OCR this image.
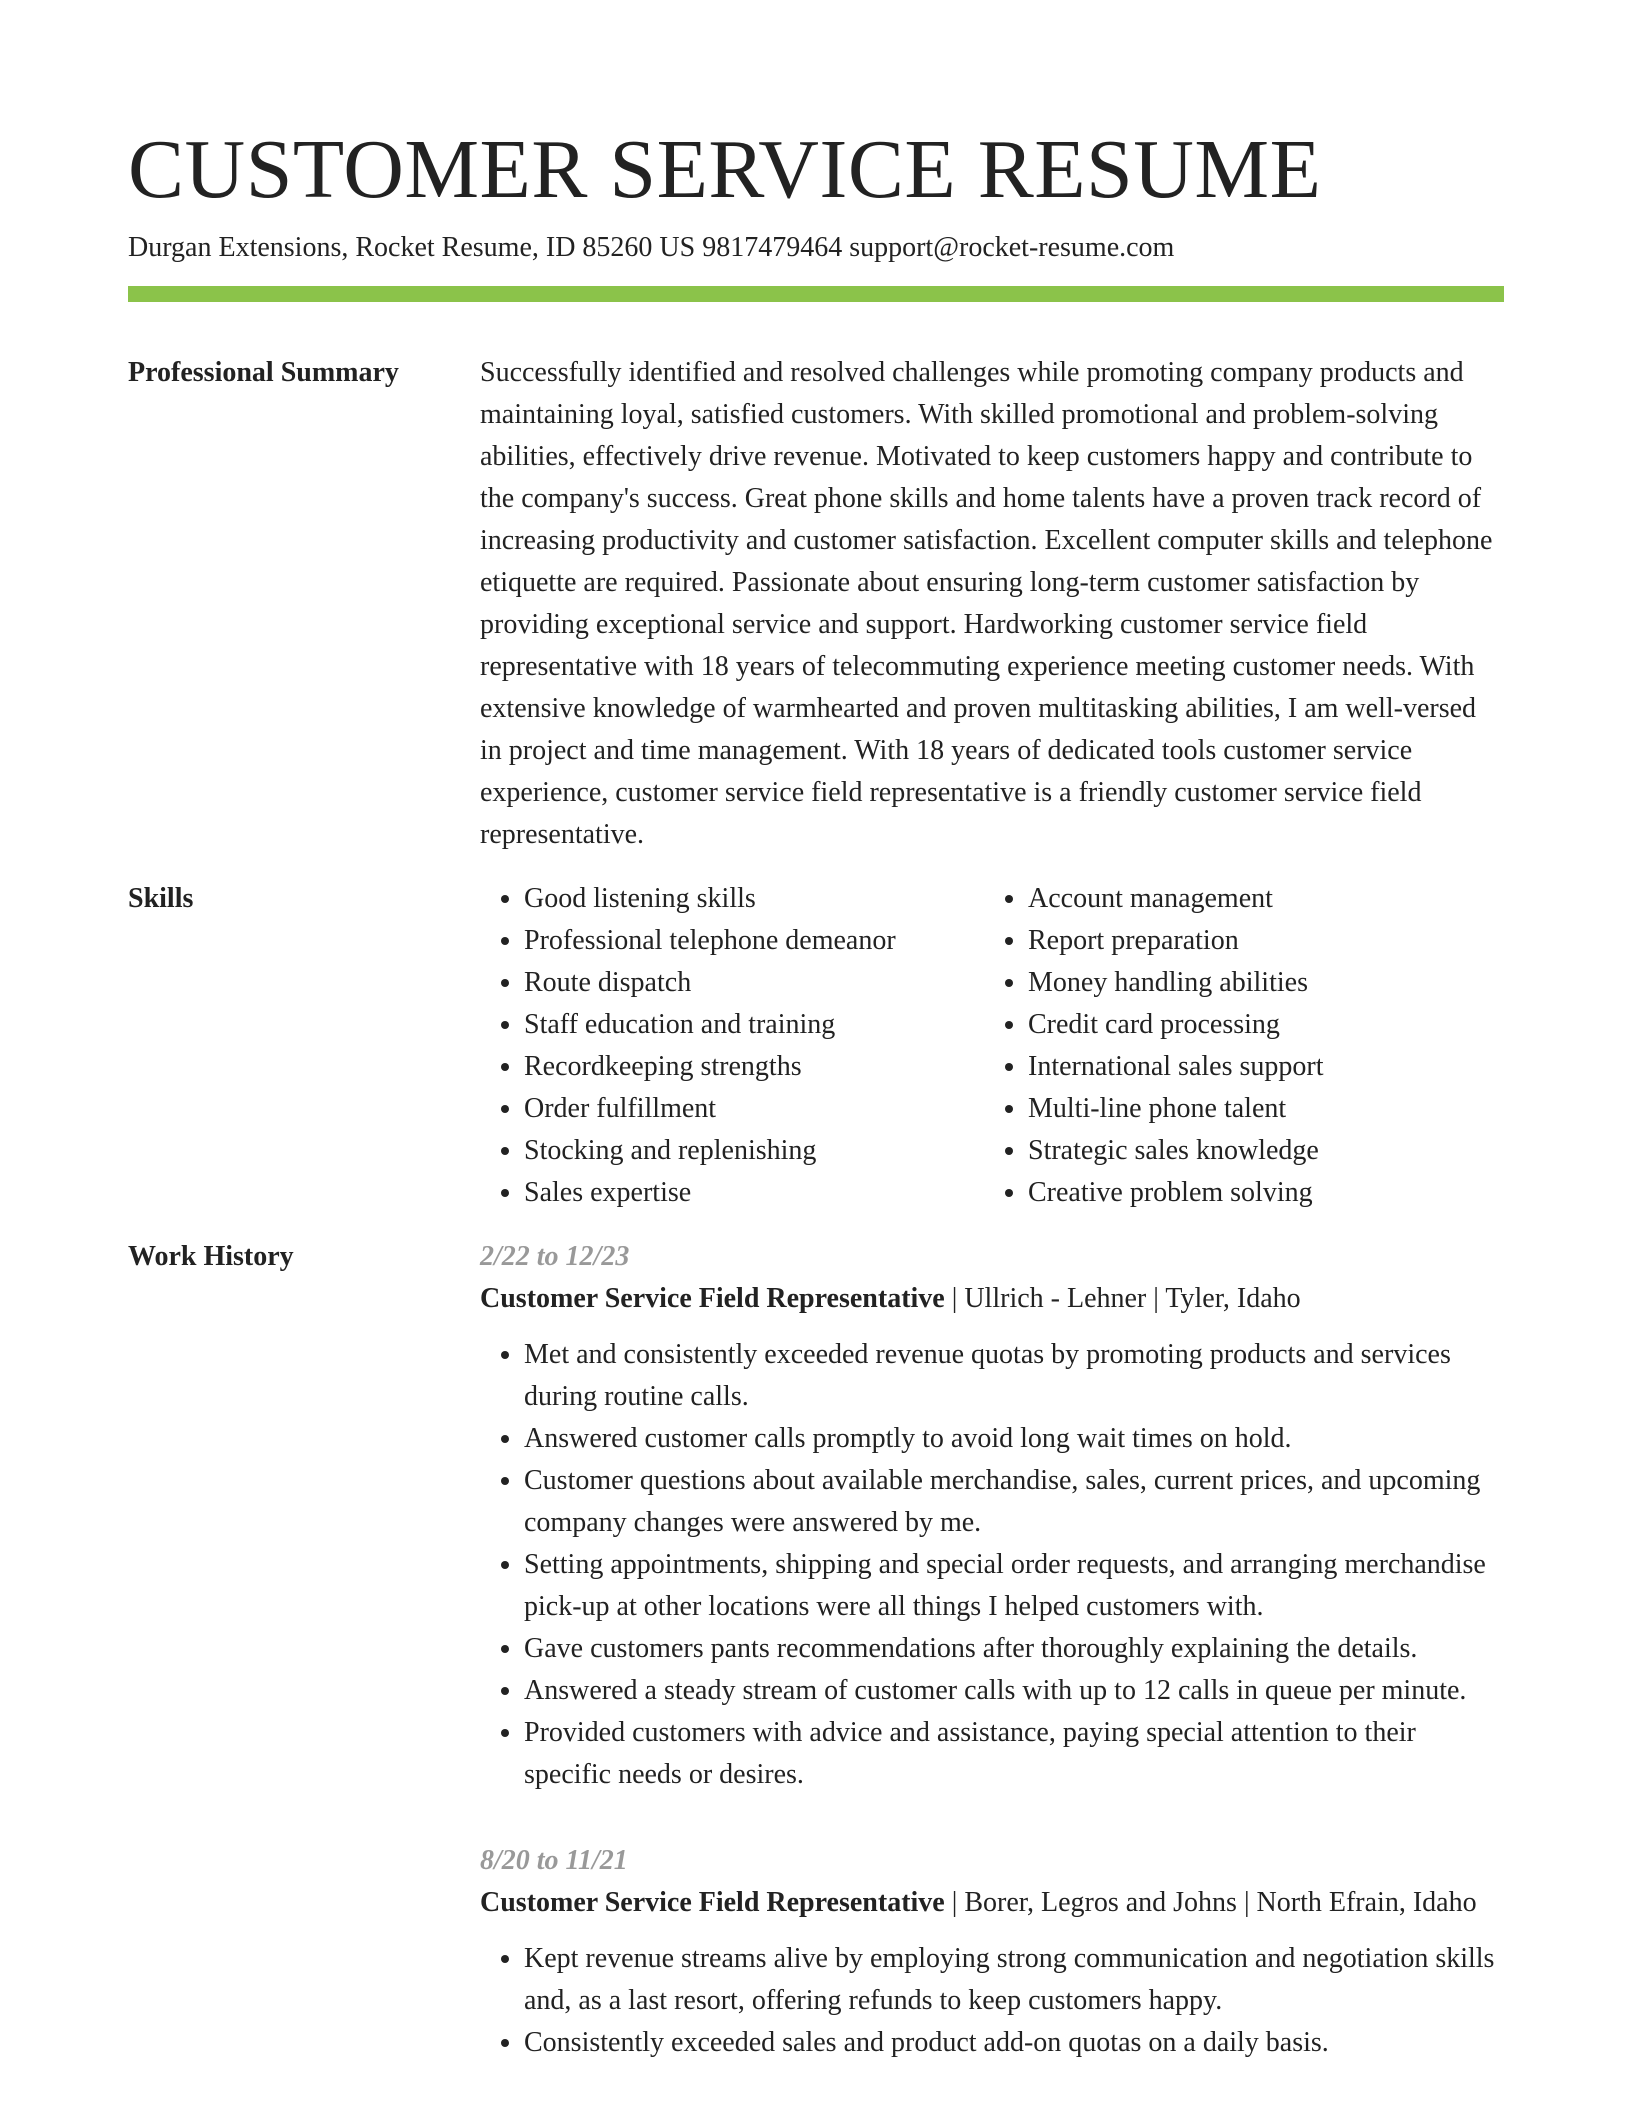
CUSTOMER SERVICE RESUME
Durgan Extensions, Rocket Resume, ID 85260 US 9817479464 support@rocket-resume.com
Professional Summary	Successfully identified and resolved challenges while promoting company products and maintaining loyal, satisfied customers. With skilled promotional and problem-solving abilities, effectively drive revenue. Motivated to keep customers happy and contribute to the company's success. Great phone skills and home talents have a proven track record of increasing productivity and customer satisfaction. Excellent computer skills and telephone etiquette are required. Passionate about ensuring long-term customer satisfaction by providing exceptional service and support. Hardworking customer service field representative with 18 years of telecommuting experience meeting customer needs. With extensive knowledge of warmhearted and proven multitasking abilities, I am well-versed in project and time management. With 18 years of dedicated tools customer service experience, customer service field representative is a friendly customer service field representative.

Skills
•	Good listening skills
• Professional telephone demeanor
• Route dispatch
• Staff education and training
• Recordkeeping strengths
• Order fulfillment
• Stocking and replenishing
• Sales expertise
• Account management
• Report preparation
• Money handling abilities
• Credit card processing
• International sales support
• Multi-line phone talent
• Strategic sales knowledge
• Creative problem solving
Work History	2/22 to 12/23
Customer Service Field Representative | Ullrich - Lehner | Tyler, Idaho
• Met and consistently exceeded revenue quotas by promoting products and services during routine calls.
• Answered customer calls promptly to avoid long wait times on hold.
• Customer questions about available merchandise, sales, current prices, and upcoming company changes were answered by me.
• Setting appointments, shipping and special order requests, and arranging merchandise pick-up at other locations were all things I helped customers with.
• Gave customers pants recommendations after thoroughly explaining the details.
• Answered a steady stream of customer calls with up to 12 calls in queue per minute.
• Provided customers with advice and assistance, paying special attention to their specific needs or desires.
8/20 to 11/21
Customer Service Field Representative | Borer, Legros and Johns | North Efrain, Idaho
• Kept revenue streams alive by employing strong communication and negotiation skills and, as a last resort, offering refunds to keep customers happy.
• Consistently exceeded sales and product add-on quotas on a daily basis.
